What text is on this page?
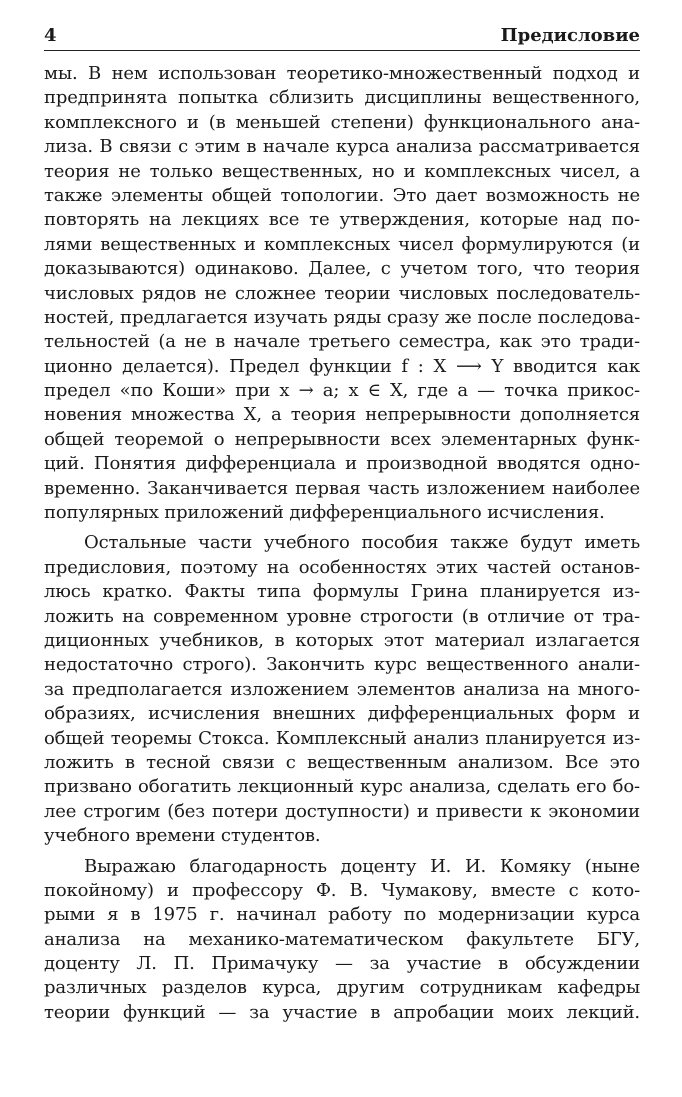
4	Предисловие

мы. В нем использован теоретико-множественный подход и
предпринята попытка сблизить дисциплины вещественного,
комплексного и (в меньшей степени) функционального ана-
лиза. В связи с этим в начале курса анализа рассматривается
теория не только вещественных, но и комплексных чисел, а
также элементы общей топологии. Это дает возможность не
повторять на лекциях все те утверждения, которые над по-
лями вещественных и комплексных чисел формулируются (и
доказываются) одинаково. Далее, с учетом того, что теория
числовых рядов не сложнее теории числовых последователь-
ностей, предлагается изучать ряды сразу же после последова-
тельностей (а не в начале третьего семестра, как это тради-
ционно делается). Предел функции f : X ⟶ Y вводится как
предел «по Коши» при x → a; x ∈ X, где a — точка прикос-
новения множества X, а теория непрерывности дополняется
общей теоремой о непрерывности всех элементарных функ-
ций. Понятия дифференциала и производной вводятся одно-
временно. Заканчивается первая часть изложением наиболее
популярных приложений дифференциального исчисления.

Остальные части учебного пособия также будут иметь
предисловия, поэтому на особенностях этих частей останов-
люсь кратко. Факты типа формулы Грина планируется из-
ложить на современном уровне строгости (в отличие от тра-
диционных учебников, в которых этот материал излагается
недостаточно строго). Закончить курс вещественного анали-
за предполагается изложением элементов анализа на много-
образиях, исчисления внешних дифференциальных форм и
общей теоремы Стокса. Комплексный анализ планируется из-
ложить в тесной связи с вещественным анализом. Все это
призвано обогатить лекционный курс анализа, сделать его бо-
лее строгим (без потери доступности) и привести к экономии
учебного времени студентов.

Выражаю благодарность доценту И. И. Комяку (ныне
покойному) и профессору Ф. В. Чумакову, вместе с кото-
рыми я в 1975 г. начинал работу по модернизации курса
анализа на механико-математическом факультете БГУ,
доценту Л. П. Примачуку — за участие в обсуждении
различных разделов курса, другим сотрудникам кафедры
теории функций — за участие в апробации моих лекций.
